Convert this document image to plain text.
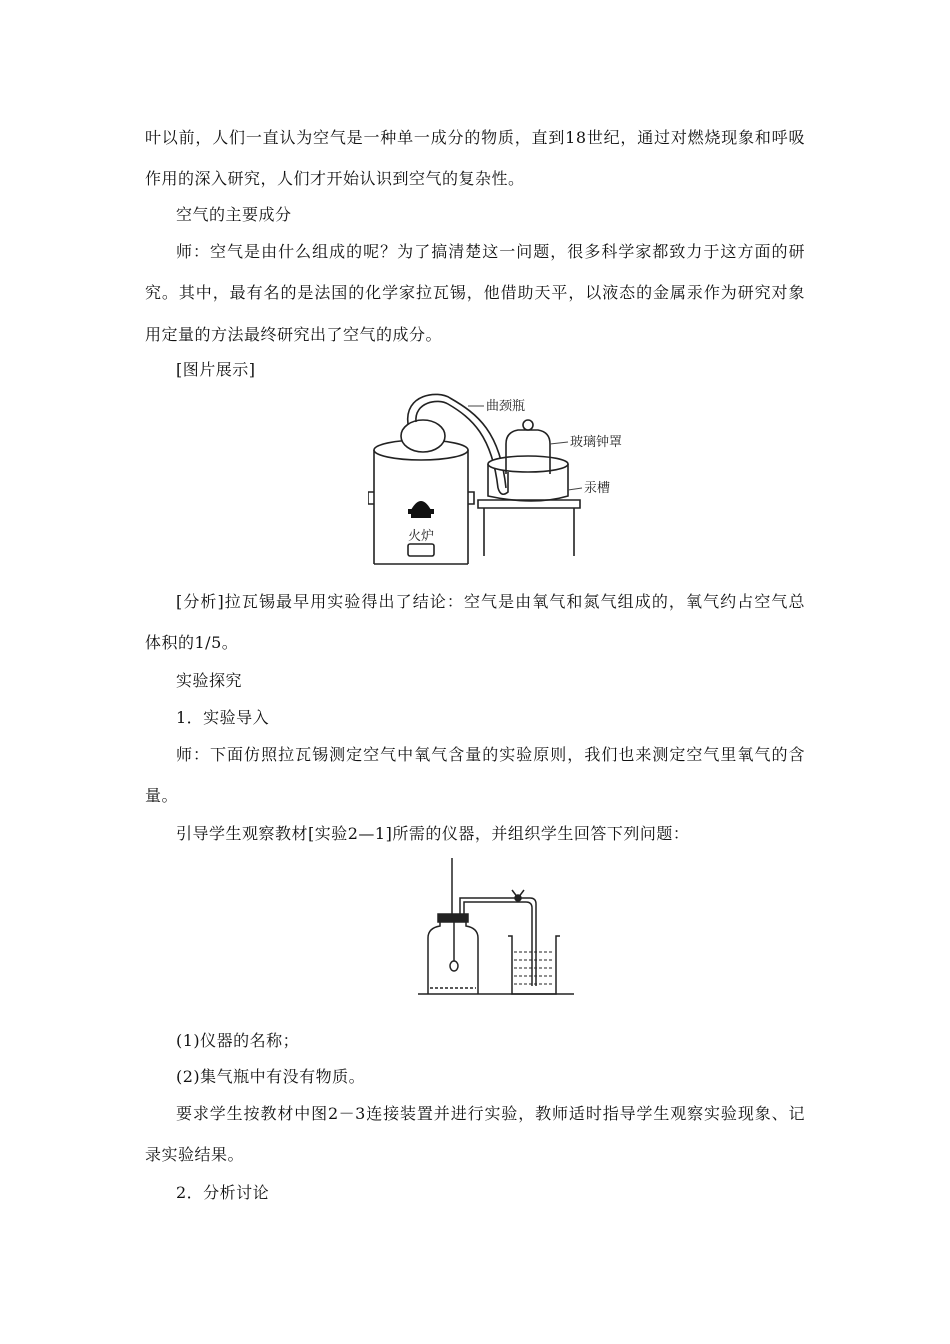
叶以前，人们一直认为空气是一种单一成分的物质，直到18世纪，通过对燃烧现象和呼吸
作用的深入研究，人们才开始认识到空气的复杂性。
空气的主要成分
师：空气是由什么组成的呢？为了搞清楚这一问题，很多科学家都致力于这方面的研
究。其中，最有名的是法国的化学家拉瓦锡，他借助天平，以液态的金属汞作为研究对象
用定量的方法最终研究出了空气的成分。
[图片展示]
火炉
曲颈瓶
玻璃钟罩
汞槽
[分析]拉瓦锡最早用实验得出了结论：空气是由氧气和氮气组成的，氧气约占空气总
体积的1/5。
实验探究
1．实验导入
师：下面仿照拉瓦锡测定空气中氧气含量的实验原则，我们也来测定空气里氧气的含
量。
引导学生观察教材[实验2—1]所需的仪器，并组织学生回答下列问题：
(1)仪器的名称；
(2)集气瓶中有没有物质。
要求学生按教材中图2－3连接装置并进行实验，教师适时指导学生观察实验现象、记
录实验结果。
2．分析讨论
